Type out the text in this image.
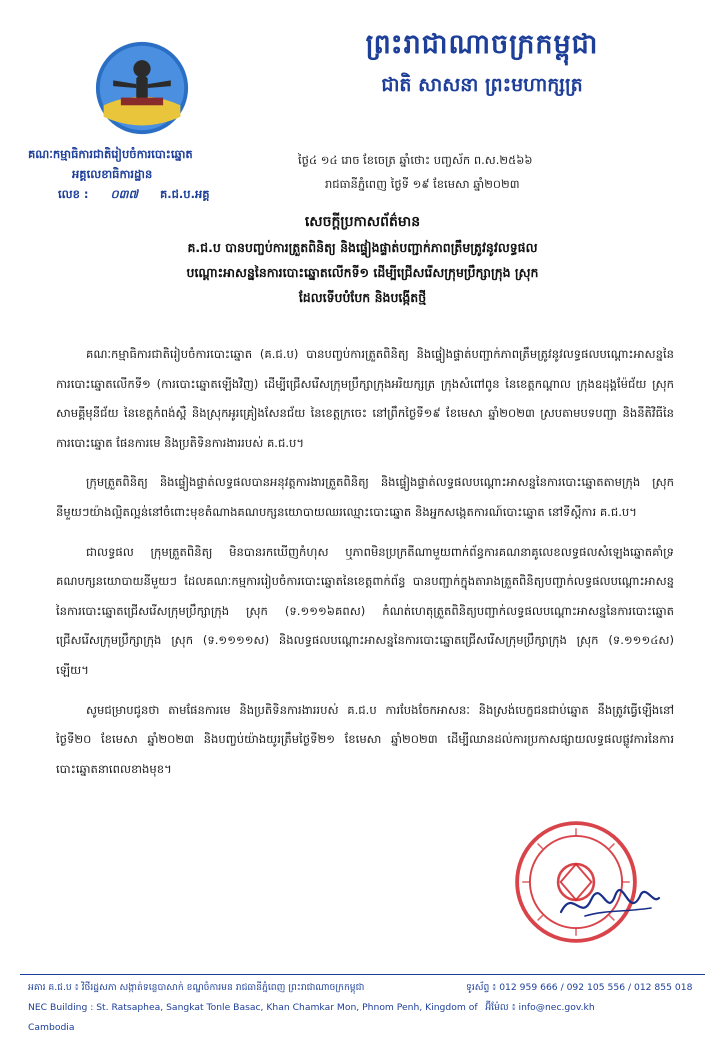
ព្រះរាជាណាចក្រកម្ពុជា
ជាតិ សាសនា ព្រះមហាក្សត្រ
គណៈកម្មាធិការជាតិរៀបចំការបោះឆ្នោត
អគ្គលេខាធិការដ្ឋាន
លេខ : ០៣៧ គ.ជ.ប.អគ្គ
ថ្ងៃ៤ ១៤ រោច ខែចេត្រ ឆ្នាំថោះ បញ្ចស័ក ព.ស.២៥៦៦
រាជធានីភ្នំពេញ ថ្ងៃទី ១៩ ខែមេសា ឆ្នាំ២០២៣
សេចក្តីប្រកាសព័ត៌មាន
គ.ជ.ប បានបញ្ចប់ការត្រួតពិនិត្យ និងផ្ទៀងផ្ទាត់បញ្ជាក់ភាពត្រឹមត្រូវនូវលទ្ធផល
បណ្តោះអាសន្ននៃការបោះឆ្នោតលើកទី១ ដើម្បីជ្រើសរើសក្រុមប្រឹក្សាក្រុង ស្រុក
ដែលទើបបំបែក និងបង្កើតថ្មី

គណៈកម្មាធិការជាតិរៀបចំការបោះឆ្នោត (គ.ជ.ប) បានបញ្ចប់ការត្រួតពិនិត្យ និងផ្ទៀងផ្ទាត់បញ្ជាក់ភាពត្រឹមត្រូវនូវលទ្ធផលបណ្តោះអាសន្ននៃការបោះឆ្នោតលើកទី១ (ការបោះឆ្នោតឡើងវិញ) ដើម្បីជ្រើសរើសក្រុមប្រឹក្សាក្រុងអរិយក្សត្រ ក្រុងសំពៅពូន នៃខេត្តកណ្តាល ក្រុងឧដុង្គម៉ែជ័យ ស្រុកសាមគ្គីមុនីជ័យ នៃខេត្តកំពង់ស្ពឺ និងស្រុកអូរគ្រៀងសែនជ័យ នៃខេត្តក្រចេះ នៅព្រឹកថ្ងៃទី១៩ ខែមេសា ឆ្នាំ២០២៣ ស្របតាមបទបញ្ជា និងនីតិវិធីនៃការបោះឆ្នោត ផែនការមេ និងប្រតិទិនការងាររបស់ គ.ជ.ប។

ក្រុមត្រួតពិនិត្យ និងផ្ទៀងផ្ទាត់លទ្ធផលបានអនុវត្តការងារត្រួតពិនិត្យ និងផ្ទៀងផ្ទាត់លទ្ធផលបណ្តោះអាសន្ននៃការបោះឆ្នោតតាមក្រុង ស្រុកនីមួយៗយ៉ាងល្អិតល្អន់នៅចំពោះមុខតំណាងគណបក្សនយោបាយឈរឈ្មោះបោះឆ្នោត និងអ្នកសង្កេតការណ៍បោះឆ្នោត នៅទីស្តីការ គ.ជ.ប។

ជាលទ្ធផល ក្រុមត្រួតពិនិត្យ មិនបានរកឃើញកំហុស ឬភាពមិនប្រក្រតីណាមួយពាក់ព័ន្ធការគណនាគូលេខលទ្ធផលសំឡេងឆ្នោតគាំទ្រគណបក្សនយោបាយនីមួយៗ ដែលគណៈកម្មការរៀបចំការបោះឆ្នោតនៃខេត្តពាក់ព័ន្ធ បានបញ្ជាក់ក្នុងតារាងត្រួតពិនិត្យបញ្ជាក់លទ្ធផលបណ្តោះអាសន្ននៃការបោះឆ្នោតជ្រើសរើសក្រុមប្រឹក្សាក្រុង ស្រុក (ទ.១១១៦គពស) កំណត់ហេតុត្រួតពិនិត្យបញ្ជាក់លទ្ធផលបណ្តោះអាសន្ននៃការបោះឆ្នោតជ្រើសរើសក្រុមប្រឹក្សាក្រុង ស្រុក (ទ.១១១១ស) និងលទ្ធផលបណ្តោះអាសន្ននៃការបោះឆ្នោតជ្រើសរើសក្រុមប្រឹក្សាក្រុង ស្រុក (ទ.១១១៤ស) ឡើយ។

សូមជម្រាបជូនថា តាមផែនការមេ និងប្រតិទិនការងាររបស់ គ.ជ.ប ការបែងចែកអាសនៈ និងស្រង់បេក្ខជនជាប់ឆ្នោត នឹងត្រូវធ្វើឡើងនៅថ្ងៃទី២០ ខែមេសា ឆ្នាំ២០២៣ និងបញ្ចប់យ៉ាងយូរត្រឹមថ្ងៃទី២១ ខែមេសា ឆ្នាំ២០២៣ ដើម្បីឈានដល់ការប្រកាសផ្សាយលទ្ធផលផ្លូវការនៃការបោះឆ្នោតនាពេលខាងមុខ។

អគារ គ.ជ.ប ៖ វិថីរដ្ឋសភា សង្កាត់ទន្លេបាសាក់ ខណ្ឌចំការមន រាជធានីភ្នំពេញ ព្រះរាជាណាចក្រកម្ពុជា	ទូរស័ព្ទ ៖ 012 959 666 / 092 105 556 / 012 855 018
NEC Building : St. Ratsaphea, Sangkat Tonle Basac, Khan Chamkar Mon, Phnom Penh, Kingdom of Cambodia
អ៊ីម៉ែល ៖ info@nec.gov.kh
